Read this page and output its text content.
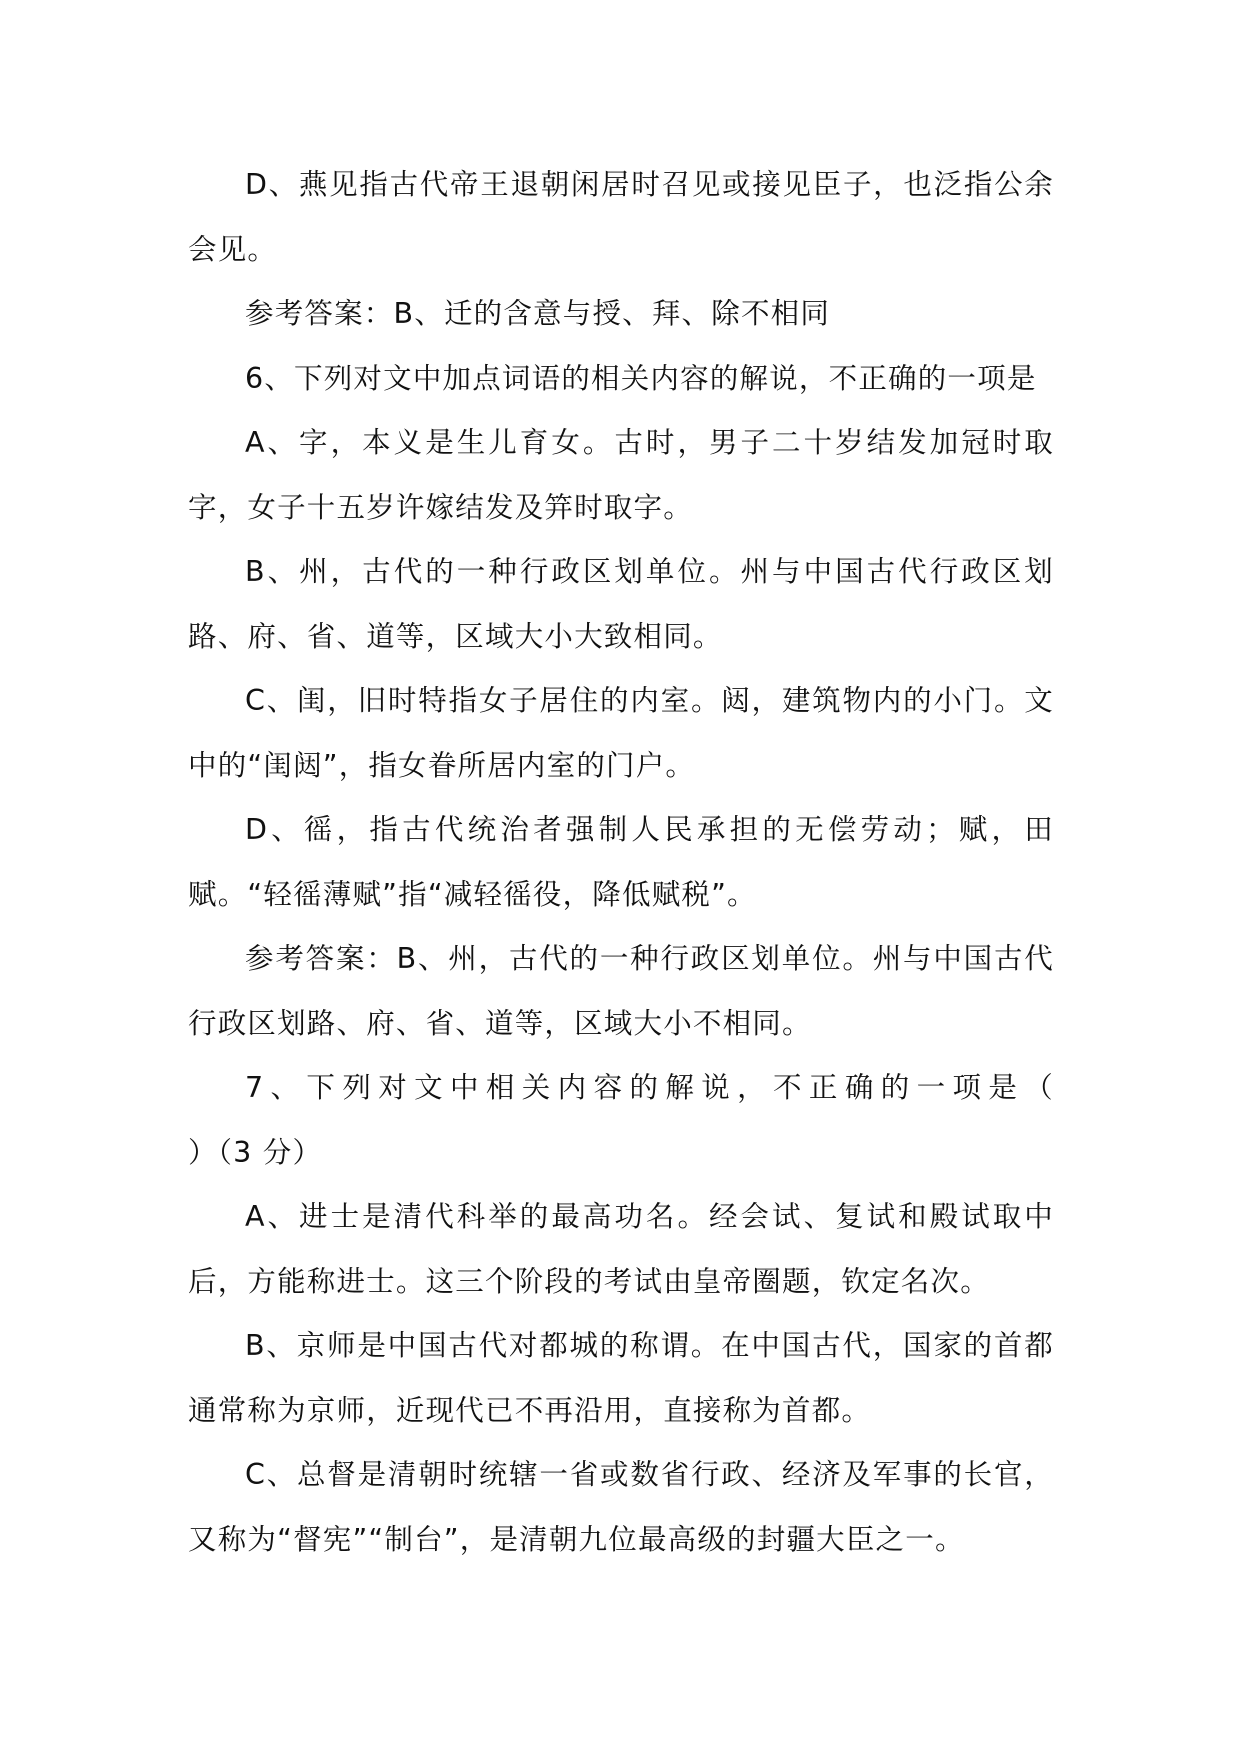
D、燕见指古代帝王退朝闲居时召见或接见臣子，也泛指公余会见。

参考答案：B、迁的含意与授、拜、除不相同

6、下列对文中加点词语的相关内容的解说，不正确的一项是

A、字，本义是生儿育女。古时，男子二十岁结发加冠时取字，女子十五岁许嫁结发及笄时取字。

B、州，古代的一种行政区划单位。州与中国古代行政区划路、府、省、道等，区域大小大致相同。

C、闺，旧时特指女子居住的内室。闼，建筑物内的小门。文中的“闺闼”，指女眷所居内室的门户。

D、徭，指古代统治者强制人民承担的无偿劳动；赋，田赋。“轻徭薄赋”指“减轻徭役，降低赋税”。

参考答案：B、州，古代的一种行政区划单位。州与中国古代行政区划路、府、省、道等，区域大小不相同。

7、下列对文中相关内容的解说，不正确的一项是（　　　　　）（3 分）

A、进士是清代科举的最高功名。经会试、复试和殿试取中后，方能称进士。这三个阶段的考试由皇帝圈题，钦定名次。

B、京师是中国古代对都城的称谓。在中国古代，国家的首都通常称为京师，近现代已不再沿用，直接称为首都。

C、总督是清朝时统辖一省或数省行政、经济及军事的长官，又称为“督宪”“制台”，是清朝九位最高级的封疆大臣之一。
